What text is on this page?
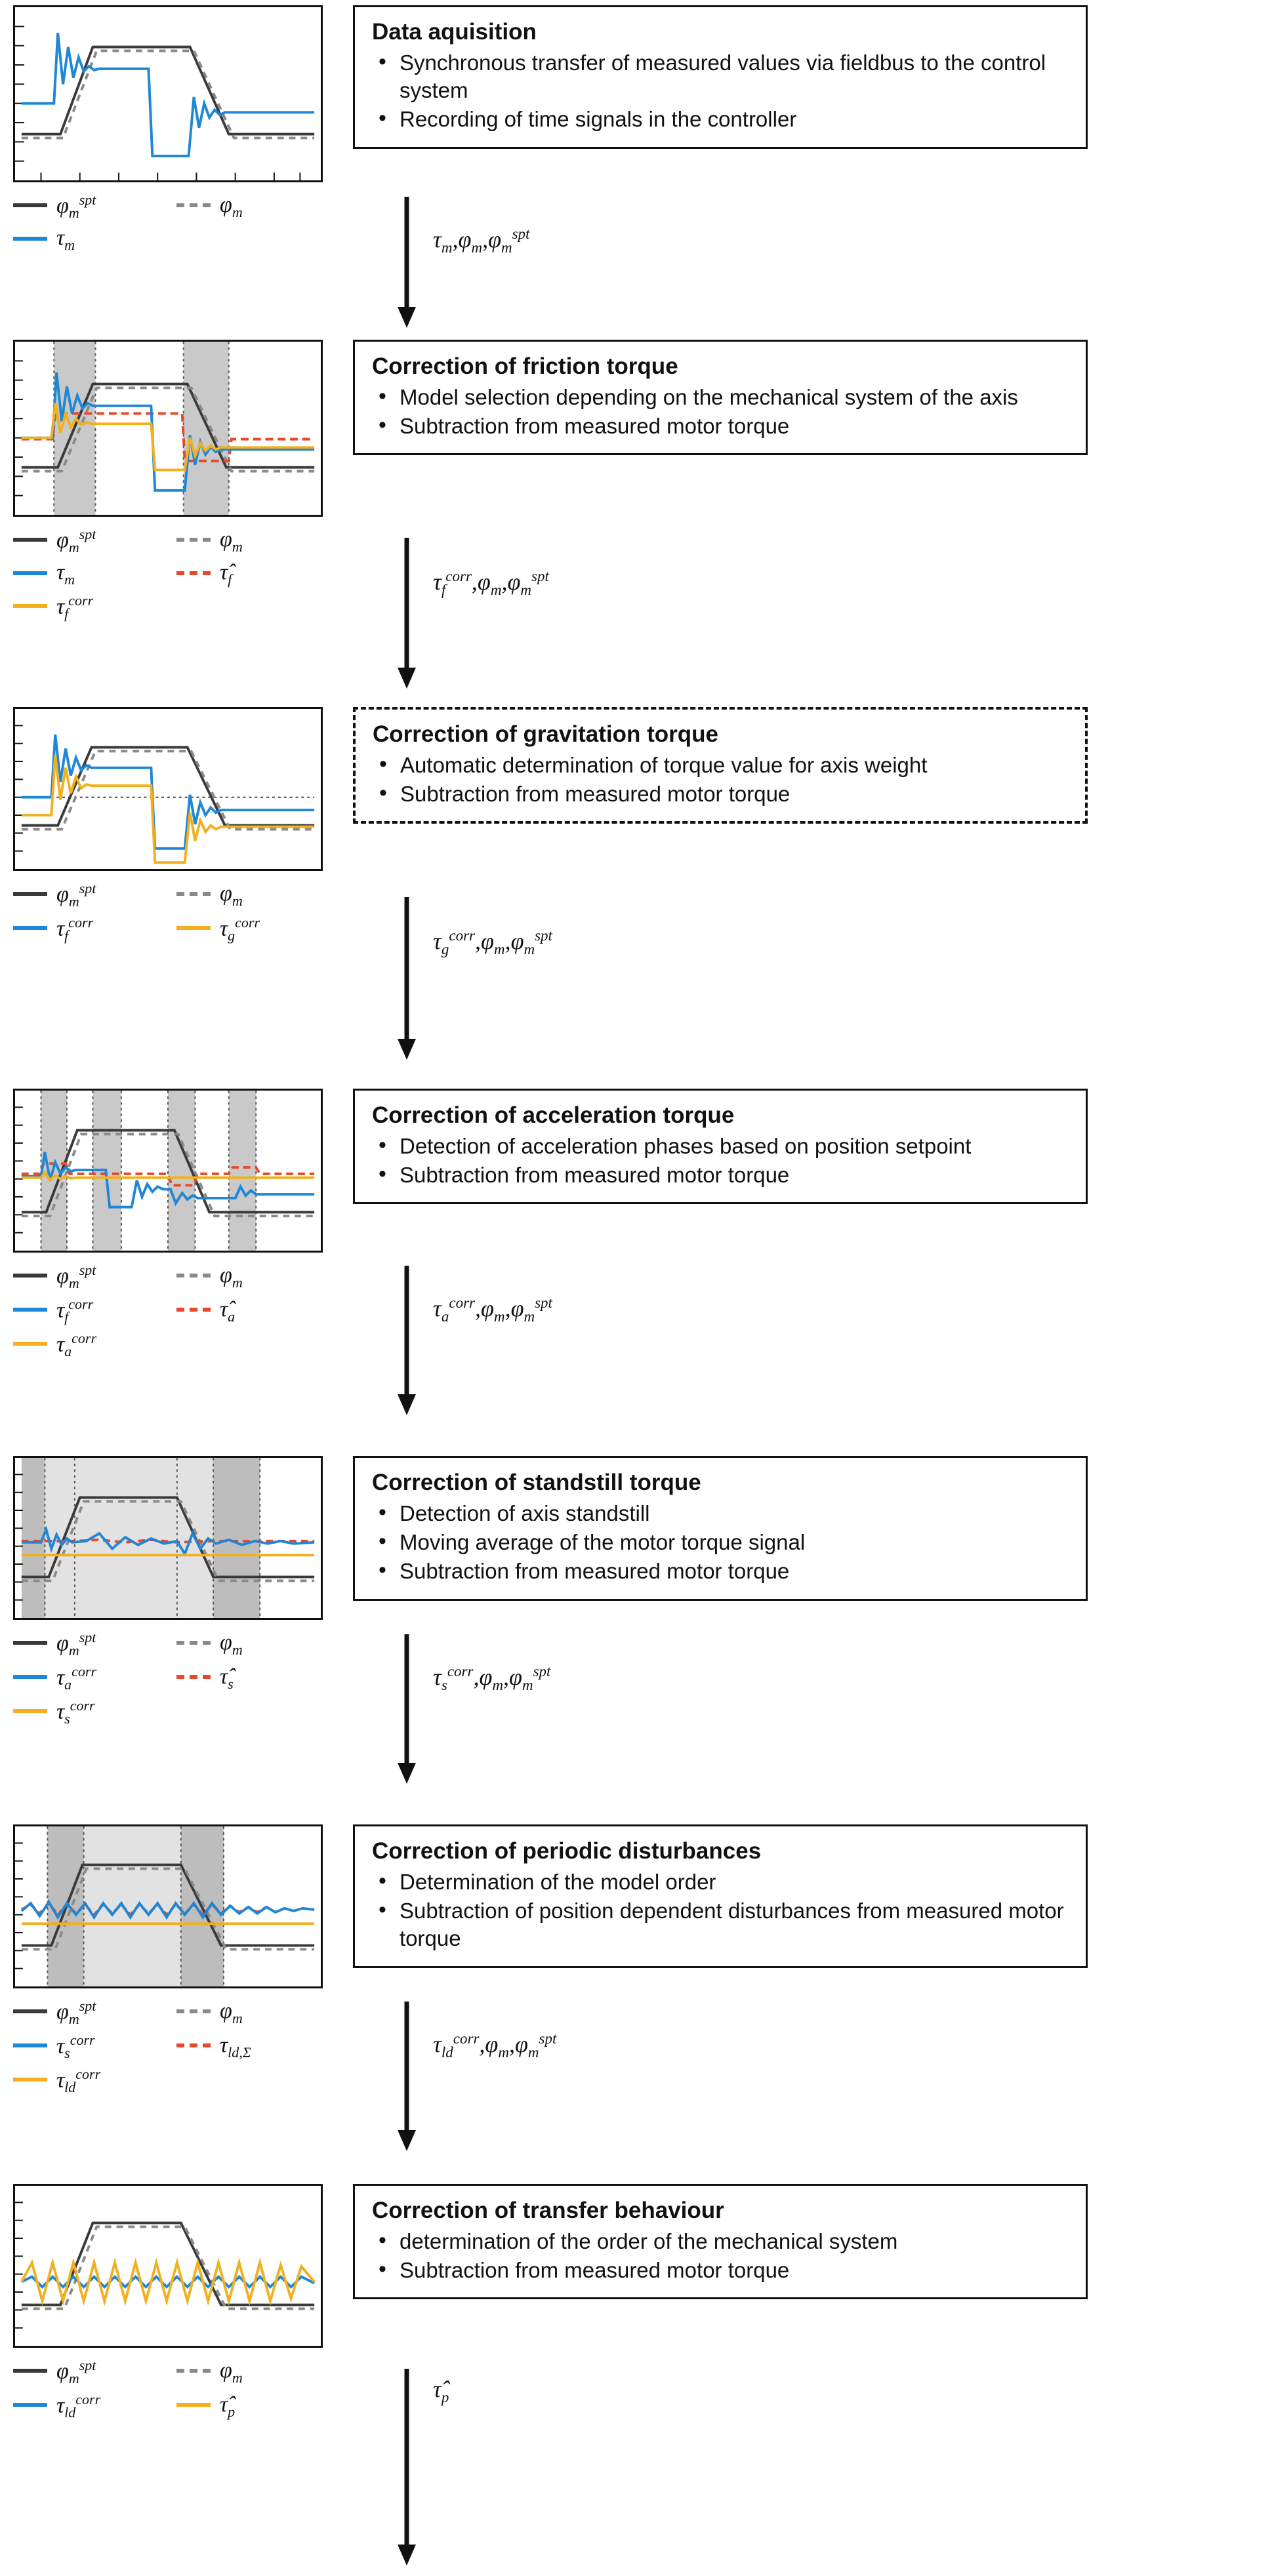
$\varphi_m^{spt}$	$\varphi_m$
$\tau_m$
Data aquisition
• Synchronous transfer of measured values via fieldbus to the control system
• Recording of time signals in the controller
$\tau_m,\varphi_m,\varphi_m^{spt}$
$\varphi_m^{spt}$	$\varphi_m$
$\tau_m$	$\taû_f$
$\tau_f^{corr}$
Correction of friction torque
• Model selection depending on the mechanical system of the axis
• Subtraction from measured motor torque
$\tau_f^{corr},\varphi_m,\varphi_m^{spt}$
$\varphi_m^{spt}$	$\varphi_m$
$\tau_f^{corr}$	$\tau_g^{corr}$
Correction of gravitation torque
• Automatic determination of torque value for axis weight
• Subtraction from measured motor torque
$\tau_g^{corr},\varphi_m,\varphi_m^{spt}$
$\varphi_m^{spt}$	$\varphi_m$
$\tau_f^{corr}$	$\taû_a$
$\tau_a^{corr}$
Correction of acceleration torque
• Detection of acceleration phases based on position setpoint
• Subtraction from measured motor torque
$\tau_a^{corr},\varphi_m,\varphi_m^{spt}$
$\varphi_m^{spt}$	$\varphi_m$
$\tau_a^{corr}$	$\taû_s$
$\tau_s^{corr}$
Correction of standstill torque
• Detection of axis standstill
• Moving average of the motor torque signal
• Subtraction from measured motor torque
$\tau_s^{corr},\varphi_m,\varphi_m^{spt}$
$\varphi_m^{spt}$	$\varphi_m$
$\tau_s^{corr}$	$\tau_{ld,\Sigma}$
$\tau_{ld}^{corr}$
Correction of periodic disturbances
• Determination of the model order
• Subtraction of position dependent disturbances from measured motor torque
$\tau_{ld}^{corr},\varphi_m,\varphi_m^{spt}$
$\varphi_m^{spt}$	$\varphi_m$
$\tau_{ld}^{corr}$	$\taû_p$
Correction of transfer behaviour
• determination of the order of the mechanical system
• Subtraction from measured motor torque
$\taû_p$
